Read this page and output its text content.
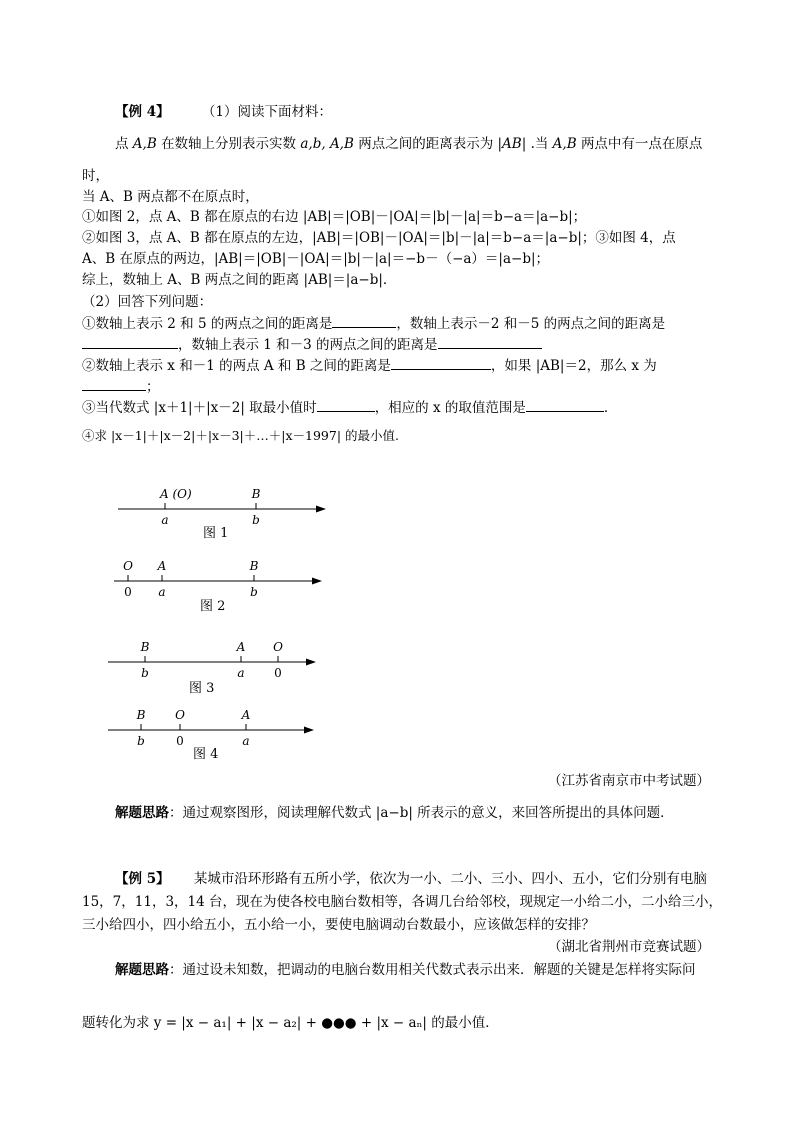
【例 4】 （1）阅读下面材料：
点 A,B 在数轴上分别表示实数 a,b, A,B 两点之间的距离表示为 |AB| .当 A,B 两点中有一点在原点
时，
当 A、B 两点都不在原点时，
①如图 2，点 A、B 都在原点的右边 |AB|＝|OB|－|OA|＝|b|－|a|＝b−a＝|a−b|；
②如图 3，点 A、B 都在原点的左边，|AB|＝|OB|－|OA|＝|b|－|a|＝b−a＝|a−b|；③如图 4，点
A、B 在原点的两边，|AB|＝|OB|－|OA|＝|b|－|a|＝−b－（−a）＝|a−b|；
综上，数轴上 A、B 两点之间的距离 |AB|＝|a−b|．
（2）回答下列问题：
①数轴上表示 2 和 5 的两点之间的距离是	，数轴上表示－2 和－5 的两点之间的距离是
，数轴上表示 1 和－3 的两点之间的距离是
②数轴上表示 x 和－1 的两点 A 和 B 之间的距离是	，如果 |AB|＝2，那么 x 为
；
③当代数式 |x＋1|＋|x－2| 取最小值时	，相应的 x 的取值范围是	．
④求 |x－1|＋|x－2|＋|x－3|＋…＋|x－1997| 的最小值.
A (O)
a
B
b
图 1
O
0
A
a
B
b
图 2
B
b
A
a
O
0
图 3
B
b
O
0
A
a
图 4
（江苏省南京市中考试题）
解题思路：通过观察图形，阅读理解代数式 |a−b| 所表示的意义，来回答所提出的具体问题．
【例 5】 某城市沿环形路有五所小学，依次为一小、二小、三小、四小、五小，它们分别有电脑
15，7，11，3，14 台，现在为使各校电脑台数相等，各调几台给邻校，现规定一小给二小，二小给三小，
三小给四小，四小给五小，五小给一小，要使电脑调动台数最小，应该做怎样的安排？
（湖北省荆州市竞赛试题）
解题思路：通过设未知数，把调动的电脑台数用相关代数式表示出来．解题的关键是怎样将实际问
题转化为求 y = |x − a₁| + |x − a₂| + ●●● + |x − aₙ| 的最小值．
